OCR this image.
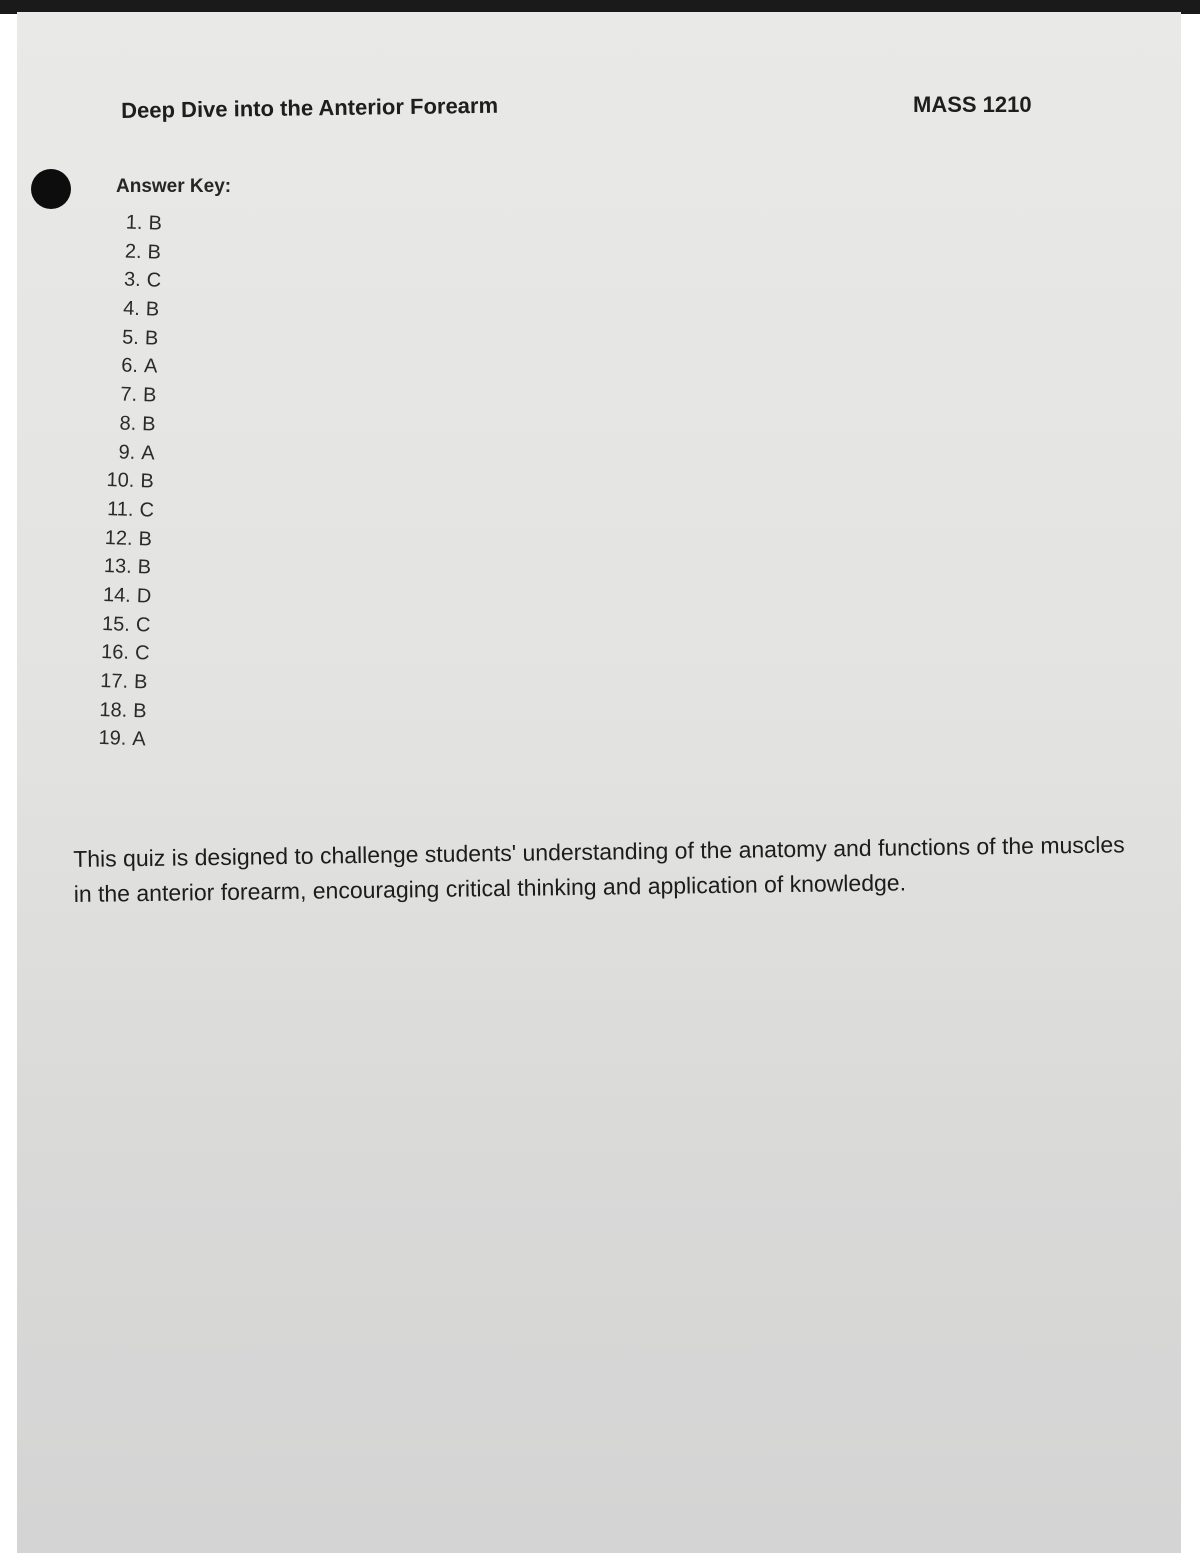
Deep Dive into the Anterior Forearm	MASS 1210
Answer Key:
1. B
2. B
3. C
4. B
5. B
6. A
7. B
8. B
9. A
10. B
11. C
12. B
13. B
14. D
15. C
16. C
17. B
18. B
19. A
This quiz is designed to challenge students' understanding of the anatomy and functions of the muscles in the anterior forearm, encouraging critical thinking and application of knowledge.
